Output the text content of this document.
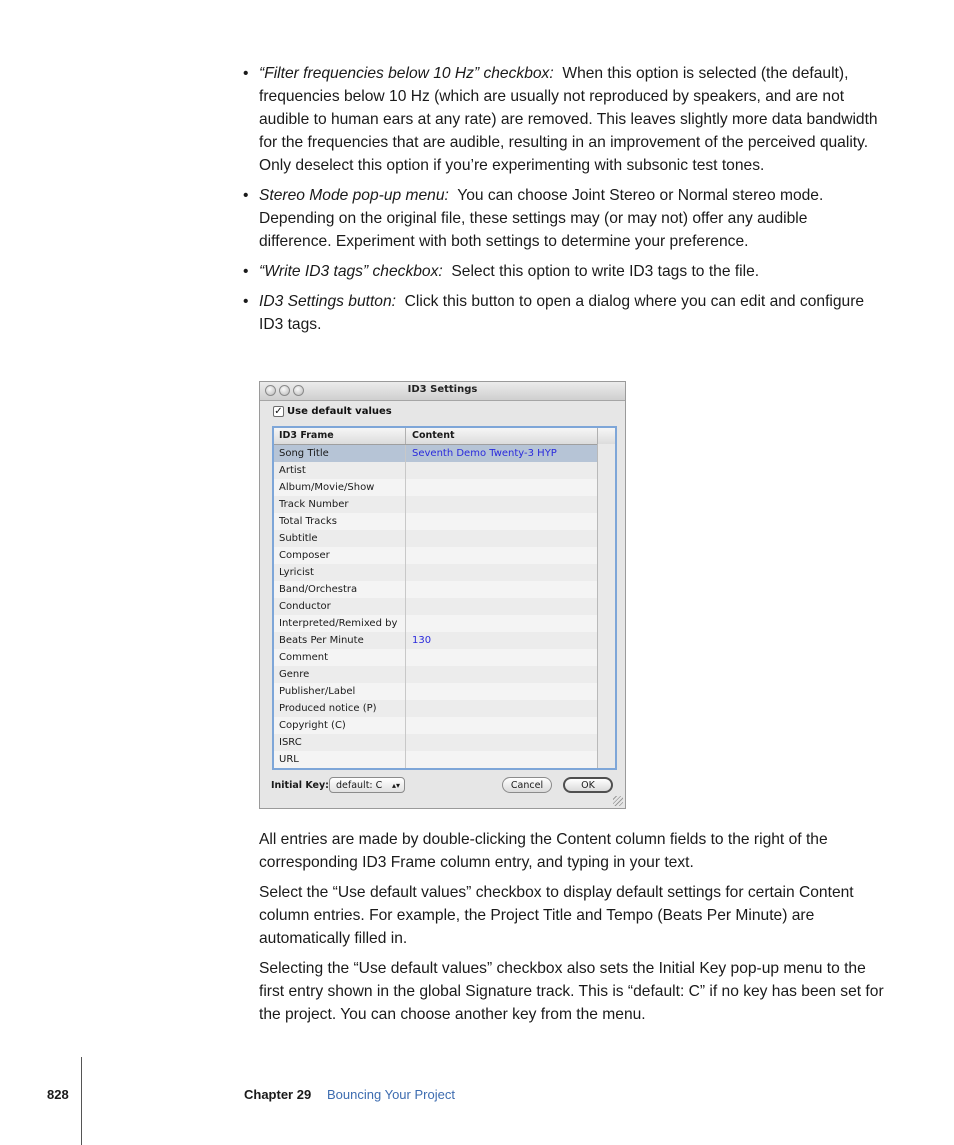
• “Filter frequencies below 10 Hz” checkbox: When this option is selected (the default), frequencies below 10 Hz (which are usually not reproduced by speakers, and are not audible to human ears at any rate) are removed. This leaves slightly more data bandwidth for the frequencies that are audible, resulting in an improvement of the perceived quality. Only deselect this option if you’re experimenting with subsonic test tones.
• Stereo Mode pop-up menu: You can choose Joint Stereo or Normal stereo mode. Depending on the original file, these settings may (or may not) offer any audible difference. Experiment with both settings to determine your preference.
• “Write ID3 tags” checkbox: Select this option to write ID3 tags to the file.
• ID3 Settings button: Click this button to open a dialog where you can edit and configure ID3 tags.
ID3 Settings
✓ Use default values
ID3 Frame	Content
Song Title	Seventh Demo Twenty-3 HYP
Artist
Album/Movie/Show
Track Number
Total Tracks
Subtitle
Composer
Lyricist
Band/Orchestra
Conductor
Interpreted/Remixed by
Beats Per Minute	130
Comment
Genre
Publisher/Label
Produced notice (P)
Copyright (C)
ISRC
URL
Initial Key: default: C ▴▾	Cancel	OK

All entries are made by double-clicking the Content column fields to the right of the corresponding ID3 Frame column entry, and typing in your text.

Select the “Use default values” checkbox to display default settings for certain Content column entries. For example, the Project Title and Tempo (Beats Per Minute) are automatically filled in.

Selecting the “Use default values” checkbox also sets the Initial Key pop-up menu to the first entry shown in the global Signature track. This is “default: C” if no key has been set for the project. You can choose another key from the menu.

828	Chapter 29 Bouncing Your Project
